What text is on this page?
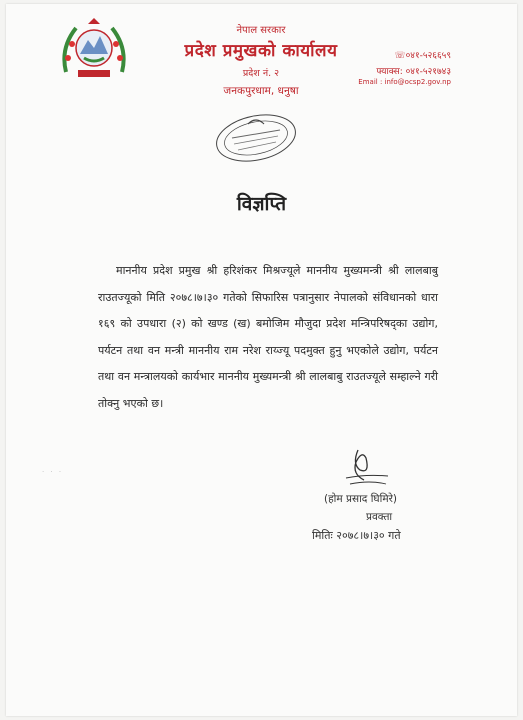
नेपाल सरकार
प्रदेश प्रमुखको कार्यालय
प्रदेश नं. २
जनकपुरधाम, धनुषा
☏०४१-५२६६५९
फ्याक्स: ०४१-५२१७४३
Email : info@ocsp2.gov.np
विज्ञप्ति
माननीय प्रदेश प्रमुख श्री हरिशंकर मिश्रज्यूले माननीय मुख्यमन्त्री श्री लालबाबु राउतज्यूको मिति २०७८।७।३० गतेको सिफारिस पत्रानुसार नेपालको संविधानको धारा १६९ को उपधारा (२) को खण्ड (ख) बमोजिम मौजुदा प्रदेश मन्त्रिपरिषद्का उद्योग, पर्यटन तथा वन मन्त्री माननीय राम नरेश राय्ज्यू पदमुक्त हुनु भएकोले उद्योग, पर्यटन तथा वन मन्त्रालयको कार्यभार माननीय मुख्यमन्त्री श्री लालबाबु राउतज्यूले सम्हाल्ने गरी तोक्नु भएको छ।
· · ·
(होम प्रसाद घिमिरे)
प्रवक्ता
मितिः २०७८।७।३० गते
